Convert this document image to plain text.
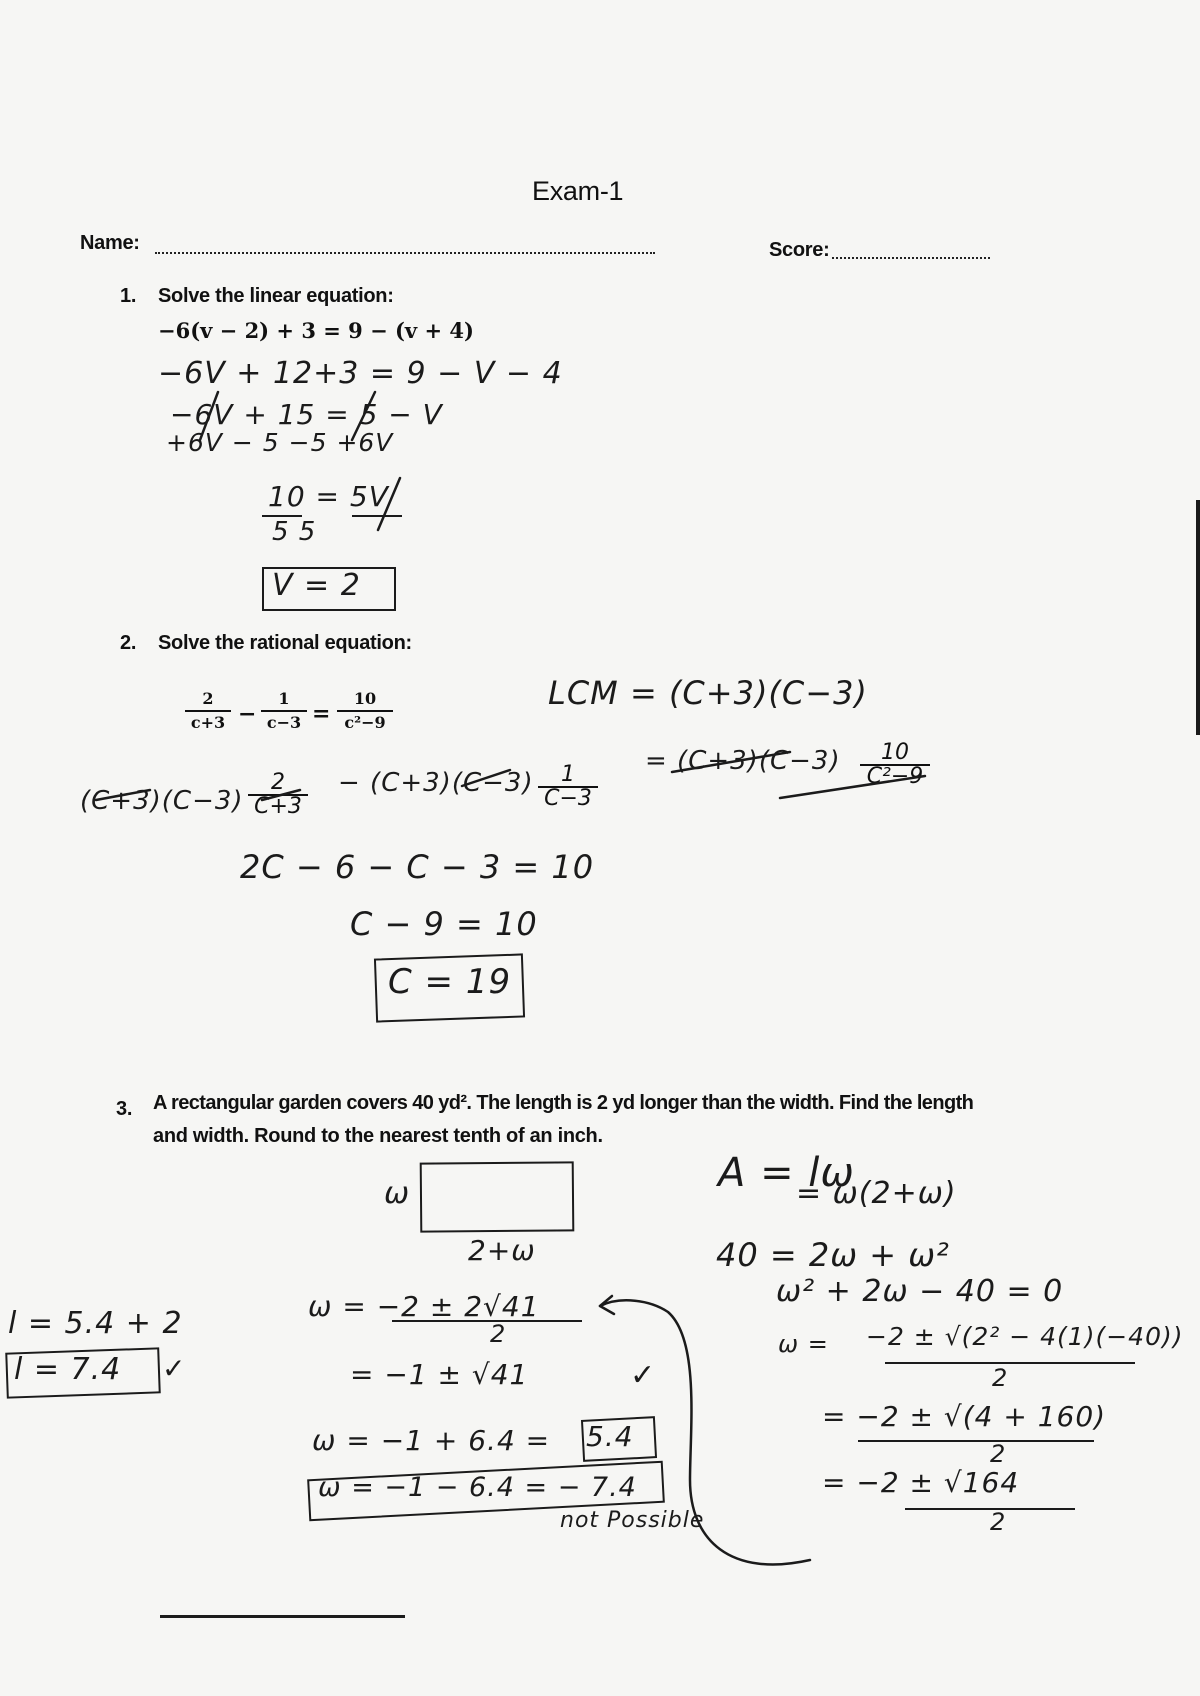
Exam-1
Name:	Score:
1. Solve the linear equation:
−6(v − 2) + 3 = 9 − (v + 4)
−6V + 12+3 = 9 − V − 4
−6V + 15 = 5 − V
+6V − 5 −5 +6V
10 = 5V
5 5
V = 2
2. Solve the rational equation:
$\frac{2}{c+3} - \frac{1}{c-3} = \frac{10}{\text{c²−9}}$	LCM = (C+3)(C−3)
$(C+3)(C-3) \frac{2}{C+3} - (C+3)(C-3) \frac{1}{C-3}$
= $(C+3)(C-3) \frac{10}{\text{C²−9}}$
2C − 6 − C − 3 = 10
C − 9 = 10
C = 19
3. A rectangular garden covers 40 yd². The length is 2 yd longer than the width. Find the length
and width. Round to the nearest tenth of an inch.
ω
2+ω
A = lω
= ω(2+ω)
40 = 2ω + ω²
ω² + 2ω − 40 = 0
ω = −2 ± √(2² − 4(1)(−40))
2
= −2 ± √(4 + 160)
2
= −2 ± √164
2
ω = −2 ± 2√41
2
= −1 ± √41	✓
ω = −1 + 6.4 = 5.4
ω = −1 − 6.4 = − 7.4
not Possible
l = 5.4 + 2
l = 7.4 ✓
